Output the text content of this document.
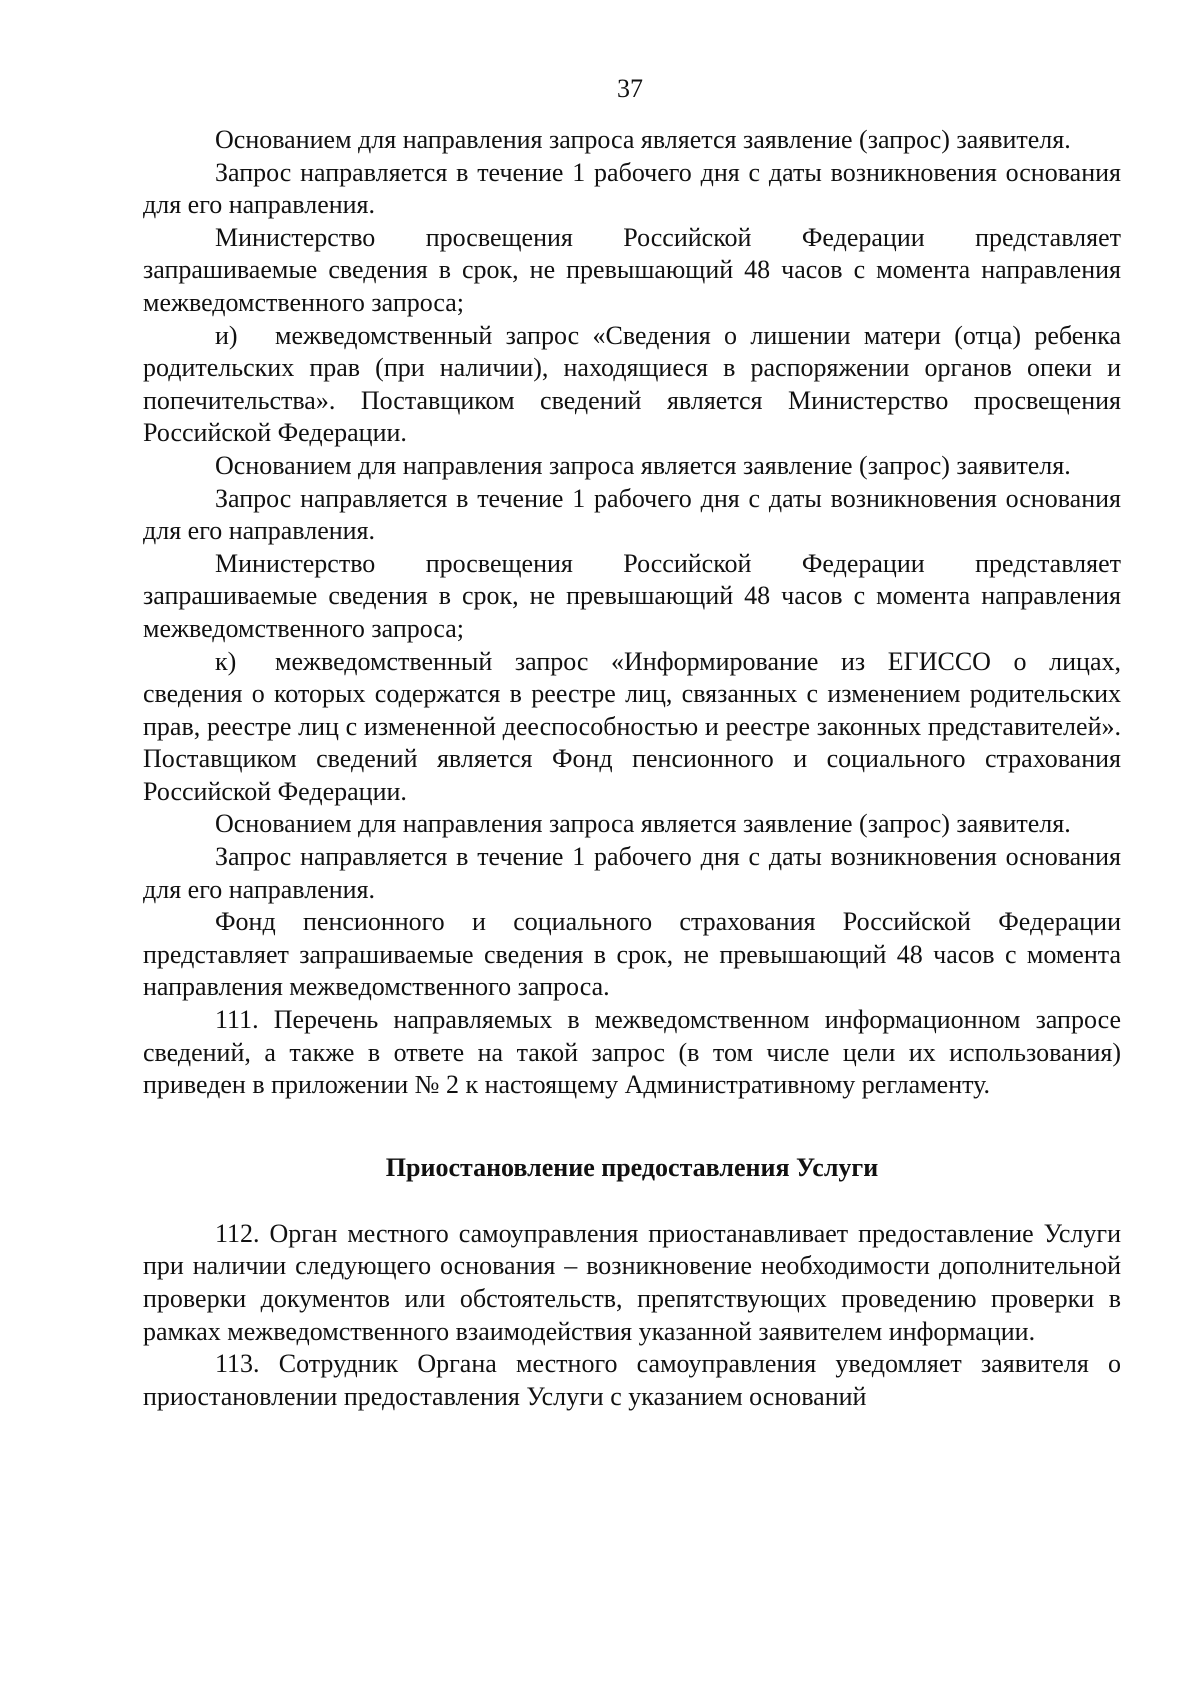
37

Основанием для направления запроса является заявление (запрос) заявителя.

Запрос направляется в течение 1 рабочего дня с даты возникновения основания для его направления.

Министерство просвещения Российской Федерации представляет запрашиваемые сведения в срок, не превышающий 48 часов с момента направления межведомственного запроса;

и) межведомственный запрос «Сведения о лишении матери (отца) ребенка родительских прав (при наличии), находящиеся в распоряжении органов опеки и попечительства». Поставщиком сведений является Министерство просвещения Российской Федерации.

Основанием для направления запроса является заявление (запрос) заявителя.

Запрос направляется в течение 1 рабочего дня с даты возникновения основания для его направления.

Министерство просвещения Российской Федерации представляет запрашиваемые сведения в срок, не превышающий 48 часов с момента направления межведомственного запроса;

к) межведомственный запрос «Информирование из ЕГИССО о лицах, сведения о которых содержатся в реестре лиц, связанных с изменением родительских прав, реестре лиц с измененной дееспособностью и реестре законных представителей». Поставщиком сведений является Фонд пенсионного и социального страхования Российской Федерации.

Основанием для направления запроса является заявление (запрос) заявителя.

Запрос направляется в течение 1 рабочего дня с даты возникновения основания для его направления.

Фонд пенсионного и социального страхования Российской Федерации представляет запрашиваемые сведения в срок, не превышающий 48 часов с момента направления межведомственного запроса.

111. Перечень направляемых в межведомственном информационном запросе сведений, а также в ответе на такой запрос (в том числе цели их использования) приведен в приложении № 2 к настоящему Административному регламенту.

Приостановление предоставления Услуги

112. Орган местного самоуправления приостанавливает предоставление Услуги при наличии следующего основания – возникновение необходимости дополнительной проверки документов или обстоятельств, препятствующих проведению проверки в рамках межведомственного взаимодействия указанной заявителем информации.

113. Сотрудник Органа местного самоуправления уведомляет заявителя о приостановлении предоставления Услуги с указанием оснований
